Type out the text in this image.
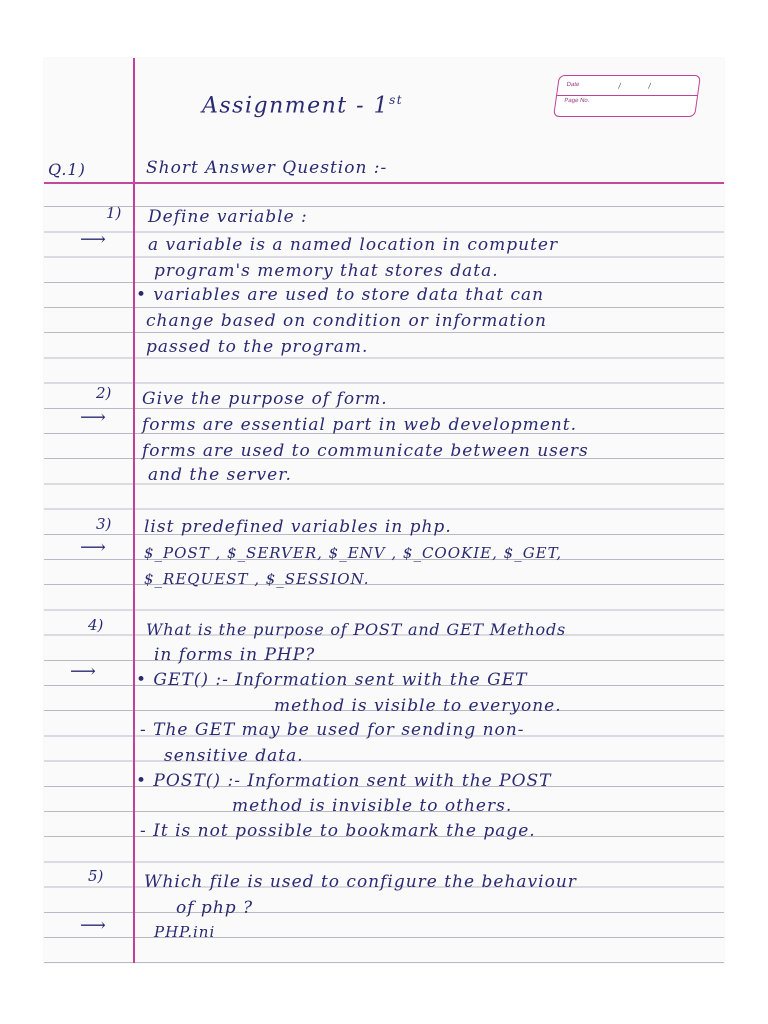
Date	/	/
Page No.
Assignment - 1st
Q.1)	Short Answer Question :-
1) Define variable :
⟶ a variable is a named location in computer
program's memory that stores data.
• variables are used to store data that can
change based on condition or information
passed to the program.
2) Give the purpose of form.
⟶ forms are essential part in web development.
forms are used to communicate between users
and the server.
3) list predefined variables in php.
⟶	$_POST , $_SERVER, $_ENV , $_COOKIE, $_GET,
$_REQUEST , $_SESSION.
4)	What is the purpose of POST and GET Methods
in forms in PHP?
⟶ • GET() :- Information sent with the GET
method is visible to everyone.
- The GET may be used for sending non-
sensitive data.
• POST() :- Information sent with the POST
method is invisible to others.
- It is not possible to bookmark the page.
5) Which file is used to configure the behaviour
of php ?
⟶	PHP.ini
